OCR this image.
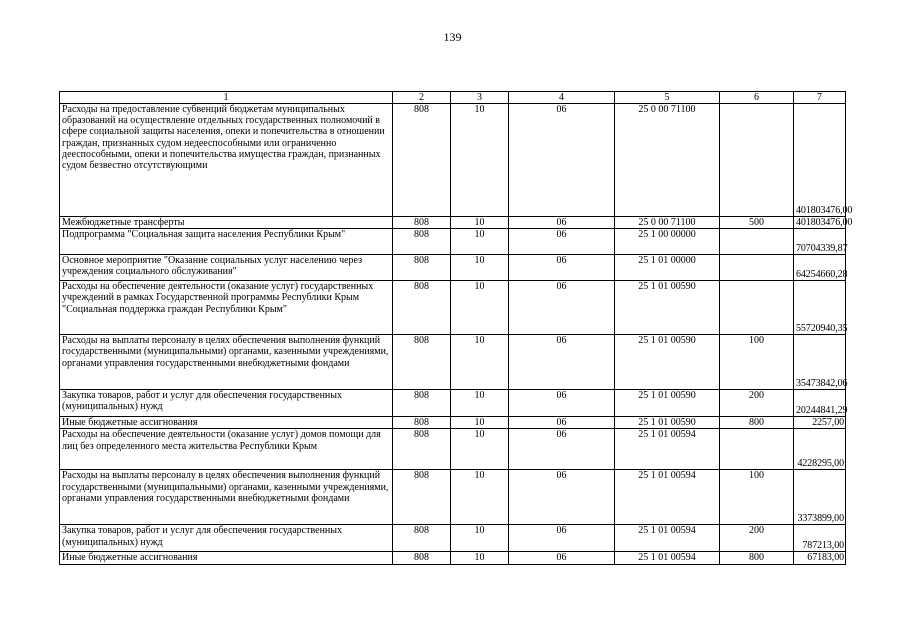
139
1	2	3	4	5	6	7
Расходы на предоставление субвенций бюджетам муниципальных образований на осуществление отдельных государственных полномочий в сфере социальной защиты населения, опеки и попечительства в отношении граждан, признанных судом недееспособными или ограниченно дееспособными, опеки и попечительства имущества граждан, признанных судом безвестно отсутствующими	808	10	06	25 0 00 71100		401803476,00
Межбюджетные трансферты	808	10	06	25 0 00 71100	500	401803476,00
Подпрограмма "Социальная защита населения Республики Крым"	808	10	06	25 1 00 00000		70704339,87
Основное мероприятие "Оказание социальных услуг населению через учреждения социального обслуживания"	808	10	06	25 1 01 00000		64254660,28
Расходы на обеспечение деятельности (оказание услуг) государственных учреждений в рамках Государственной программы Республики Крым "Социальная поддержка граждан Республики Крым"	808	10	06	25 1 01 00590		55720940,35
Расходы на выплаты персоналу в целях обеспечения выполнения функций государственными (муниципальными) органами, казенными учреждениями, органами управления государственными внебюджетными фондами	808	10	06	25 1 01 00590	100	35473842,06
Закупка товаров, работ и услуг для обеспечения государственных (муниципальных) нужд	808	10	06	25 1 01 00590	200	20244841,29
Иные бюджетные ассигнования	808	10	06	25 1 01 00590	800	2257,00
Расходы на обеспечение деятельности (оказание услуг) домов помощи для лиц без определенного места жительства Республики Крым	808	10	06	25 1 01 00594		4228295,00
Расходы на выплаты персоналу в целях обеспечения выполнения функций государственными (муниципальными) органами, казенными учреждениями, органами управления государственными внебюджетными фондами	808	10	06	25 1 01 00594	100	3373899,00
Закупка товаров, работ и услуг для обеспечения государственных (муниципальных) нужд	808	10	06	25 1 01 00594	200	787213,00
Иные бюджетные ассигнования	808	10	06	25 1 01 00594	800	67183,00
